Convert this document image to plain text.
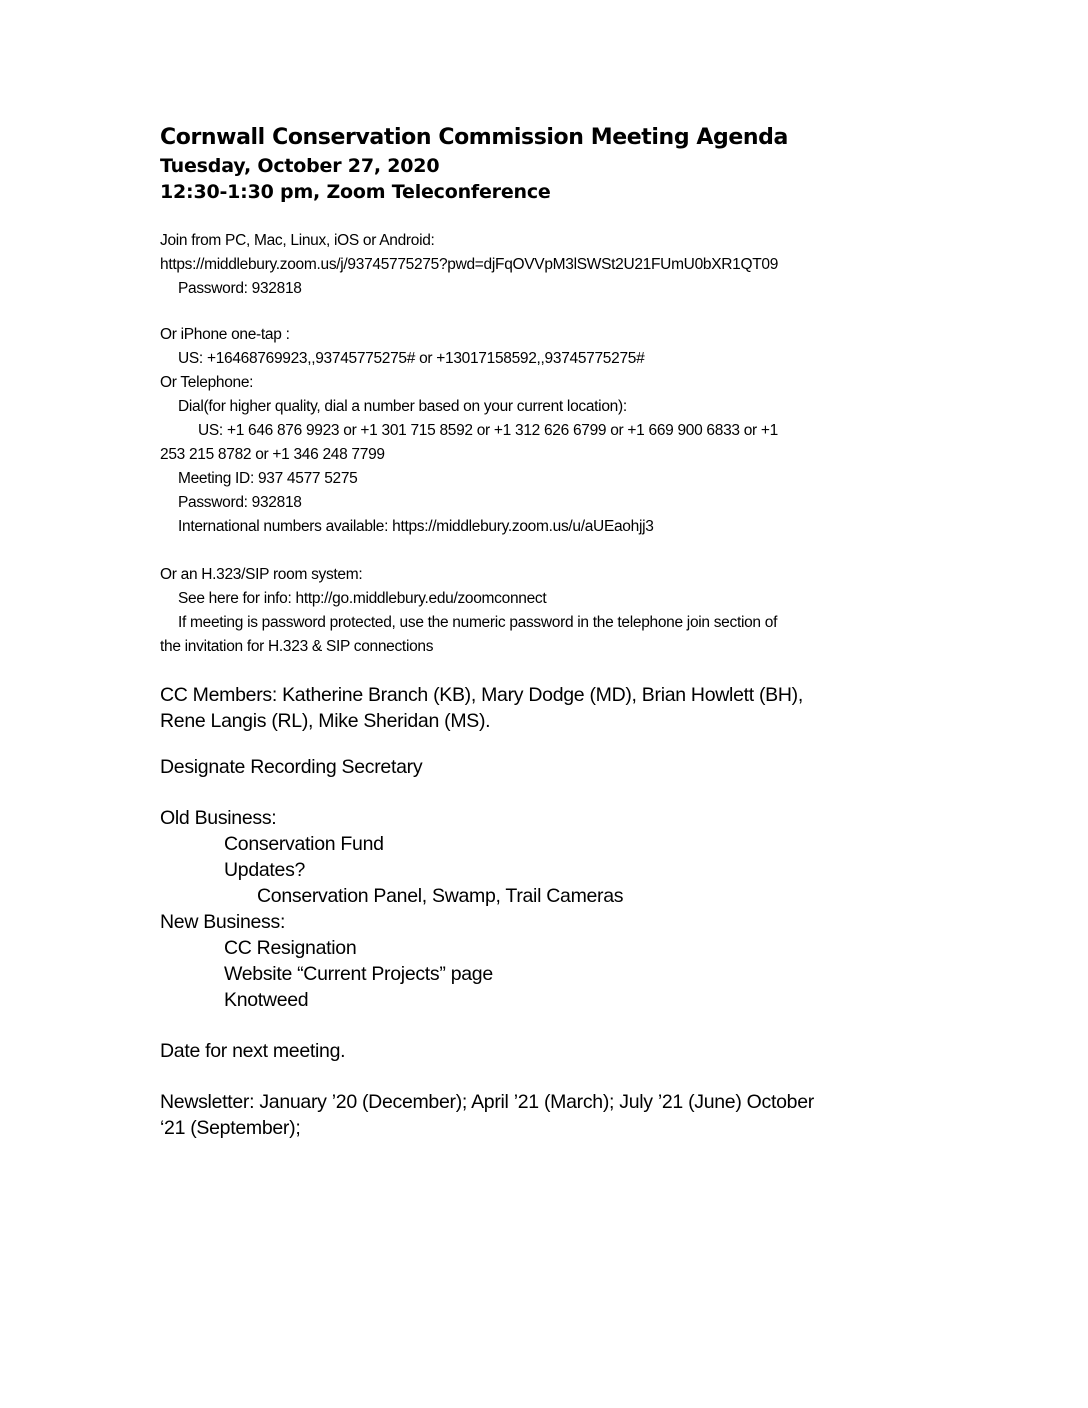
Cornwall Conservation Commission Meeting Agenda
Tuesday, October 27, 2020
12:30-1:30 pm, Zoom Teleconference
Join from PC, Mac, Linux, iOS or Android:
https://middlebury.zoom.us/j/93745775275?pwd=djFqOVVpM3lSWSt2U21FUmU0bXR1QT09
Password: 932818
Or iPhone one-tap :
US: +16468769923,,93745775275# or +13017158592,,93745775275#
Or Telephone:
Dial(for higher quality, dial a number based on your current location):
US: +1 646 876 9923 or +1 301 715 8592 or +1 312 626 6799 or +1 669 900 6833 or +1
253 215 8782 or +1 346 248 7799
Meeting ID: 937 4577 5275
Password: 932818
International numbers available: https://middlebury.zoom.us/u/aUEaohjj3
Or an H.323/SIP room system:
See here for info: http://go.middlebury.edu/zoomconnect
If meeting is password protected, use the numeric password in the telephone join section of
the invitation for H.323 & SIP connections
CC Members: Katherine Branch (KB), Mary Dodge (MD), Brian Howlett (BH),
Rene Langis (RL), Mike Sheridan (MS).
Designate Recording Secretary
Old Business:
Conservation Fund
Updates?
Conservation Panel, Swamp, Trail Cameras
New Business:
CC Resignation
Website “Current Projects” page
Knotweed
Date for next meeting.
Newsletter: January ’20 (December); April ’21 (March); July ’21 (June) October
‘21 (September);
